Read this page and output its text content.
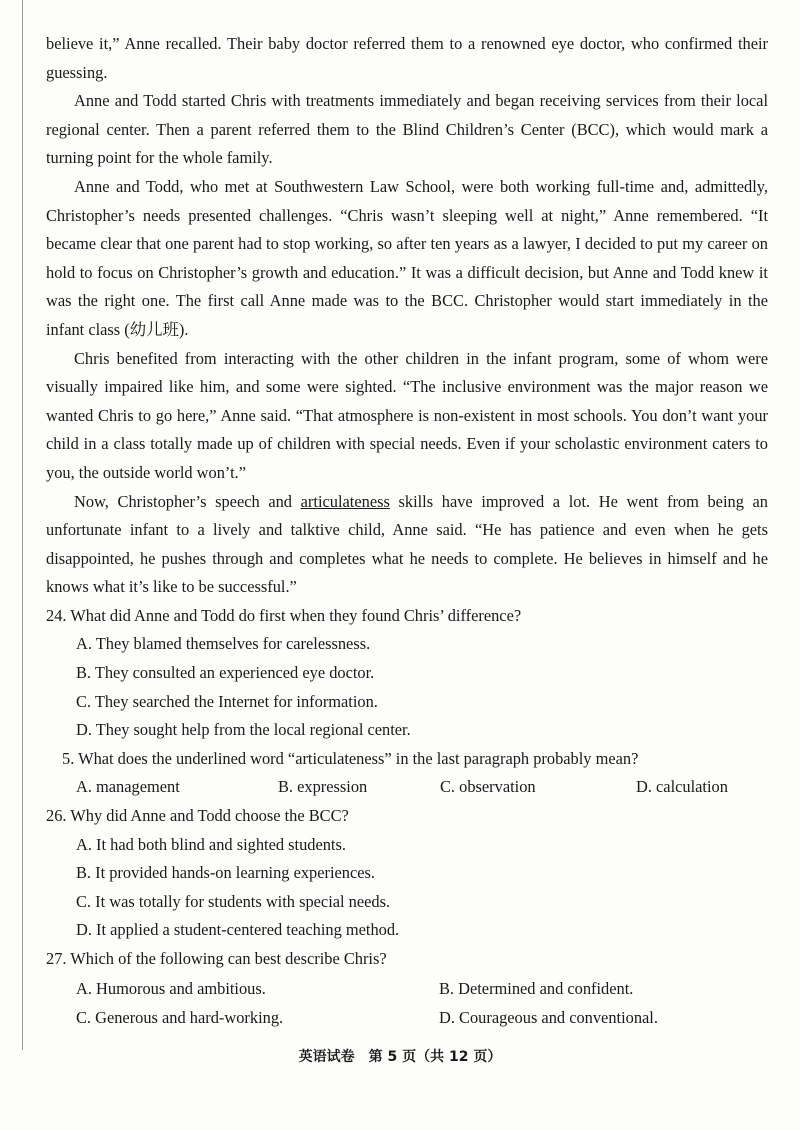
believe it,” Anne recalled. Their baby doctor referred them to a renowned eye doctor, who confirmed their guessing.

Anne and Todd started Chris with treatments immediately and began receiving services from their local regional center. Then a parent referred them to the Blind Children’s Center (BCC), which would mark a turning point for the whole family.

Anne and Todd, who met at Southwestern Law School, were both working full-time and, admittedly, Christopher’s needs presented challenges. “Chris wasn’t sleeping well at night,” Anne remembered. “It became clear that one parent had to stop working, so after ten years as a lawyer, I decided to put my career on hold to focus on Christopher’s growth and education.” It was a difficult decision, but Anne and Todd knew it was the right one. The first call Anne made was to the BCC. Christopher would start immediately in the infant class (幼儿班).

Chris benefited from interacting with the other children in the infant program, some of whom were visually impaired like him, and some were sighted. “The inclusive environment was the major reason we wanted Chris to go here,” Anne said. “That atmosphere is non-existent in most schools. You don’t want your child in a class totally made up of children with special needs. Even if your scholastic environment caters to you, the outside world won’t.”

Now, Christopher’s speech and articulateness skills have improved a lot. He went from being an unfortunate infant to a lively and talktive child, Anne said. “He has patience and even when he gets disappointed, he pushes through and completes what he needs to complete. He believes in himself and he knows what it’s like to be successful.”

24. What did Anne and Todd do first when they found Chris’ difference?

A. They blamed themselves for carelessness.

B. They consulted an experienced eye doctor.

C. They searched the Internet for information.

D. They sought help from the local regional center.

5. What does the underlined word “articulateness” in the last paragraph probably mean?

A. management	B. expression	C. observation	D. calculation

26. Why did Anne and Todd choose the BCC?

A. It had both blind and sighted students.

B. It provided hands-on learning experiences.

C. It was totally for students with special needs.

D. It applied a student-centered teaching method.

27. Which of the following can best describe Chris?

A. Humorous and ambitious.	B. Determined and confident.
C. Generous and hard-working.	D. Courageous and conventional.
英语试卷　第 5 页（共 12 页）
